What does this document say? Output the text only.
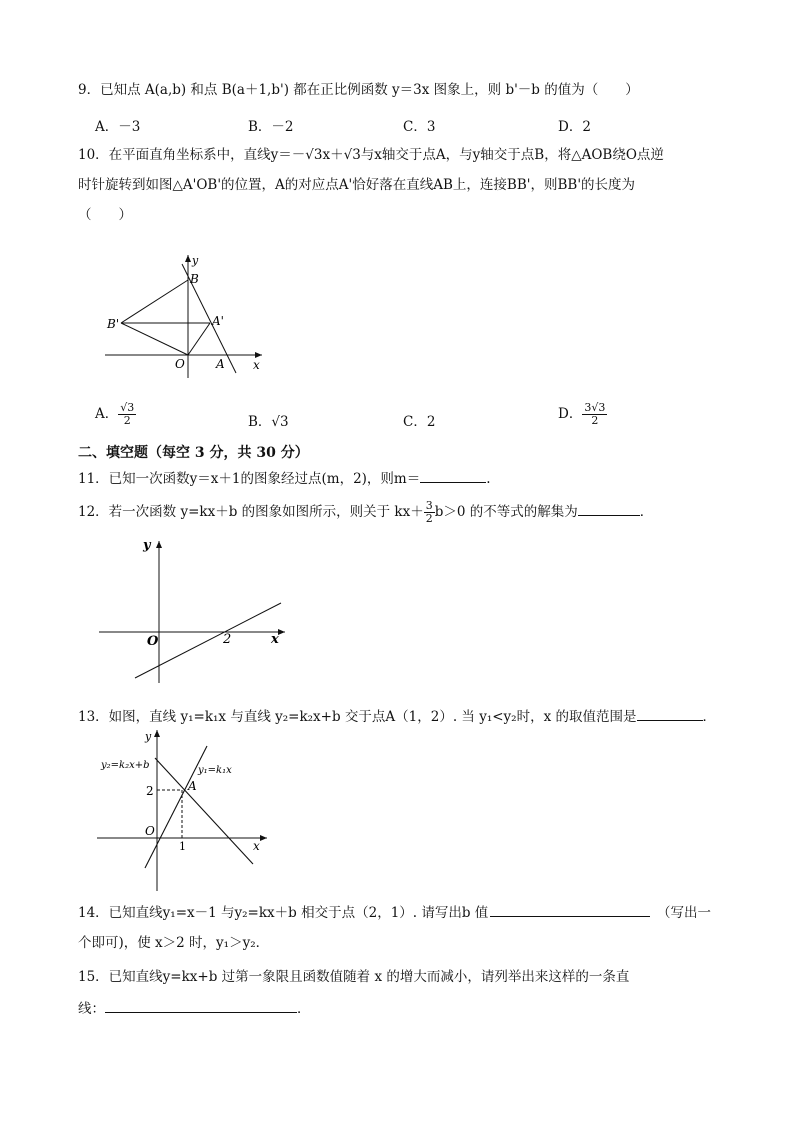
9．已知点 A(a,b) 和点 B(a＋1,b') 都在正比例函数 y＝3x 图象上，则 b'－b 的值为（　　）
A．－3	B．－2	C．3	D．2
10．在平面直角坐标系中，直线y＝－√3x＋√3与x轴交于点A，与y轴交于点B，将△AOB绕O点逆
时针旋转到如图△A'OB'的位置，A的对应点A'恰好落在直线AB上，连接BB'，则BB'的长度为
（　　）
y
B
B'	A'
O	A x
A． $\frac{√3}{2}$	B．√3	C．2	D． $\frac{3√3}{2}$
二、填空题（每空 3 分，共 30 分）
11．已知一次函数y＝x＋1的图象经过点(m，2)，则m＝	.
12．若一次函数 y=kx＋b 的图象如图所示，则关于 $kx+ \frac{3}{2} b>0$ 的不等式的解集为	．
y
O	2	x
13．如图，直线 y₁=k₁x 与直线 y₂=k₂x+b 交于点A（1，2）. 当 y₁<y₂时，x 的取值范围是	．
y
y₂=k₂x+b	y₁=k₁x
A
2
1
O
x
14．已知直线y₁=x－1 与y₂=kx＋b 相交于点（2，1）. 请写出b 值　	（写出一
个即可)，使 x＞2 时，y₁＞y₂．
15．已知直线y=kx+b 过第一象限且函数值随着 x 的增大而减小，请列举出来这样的一条直
线：	．
